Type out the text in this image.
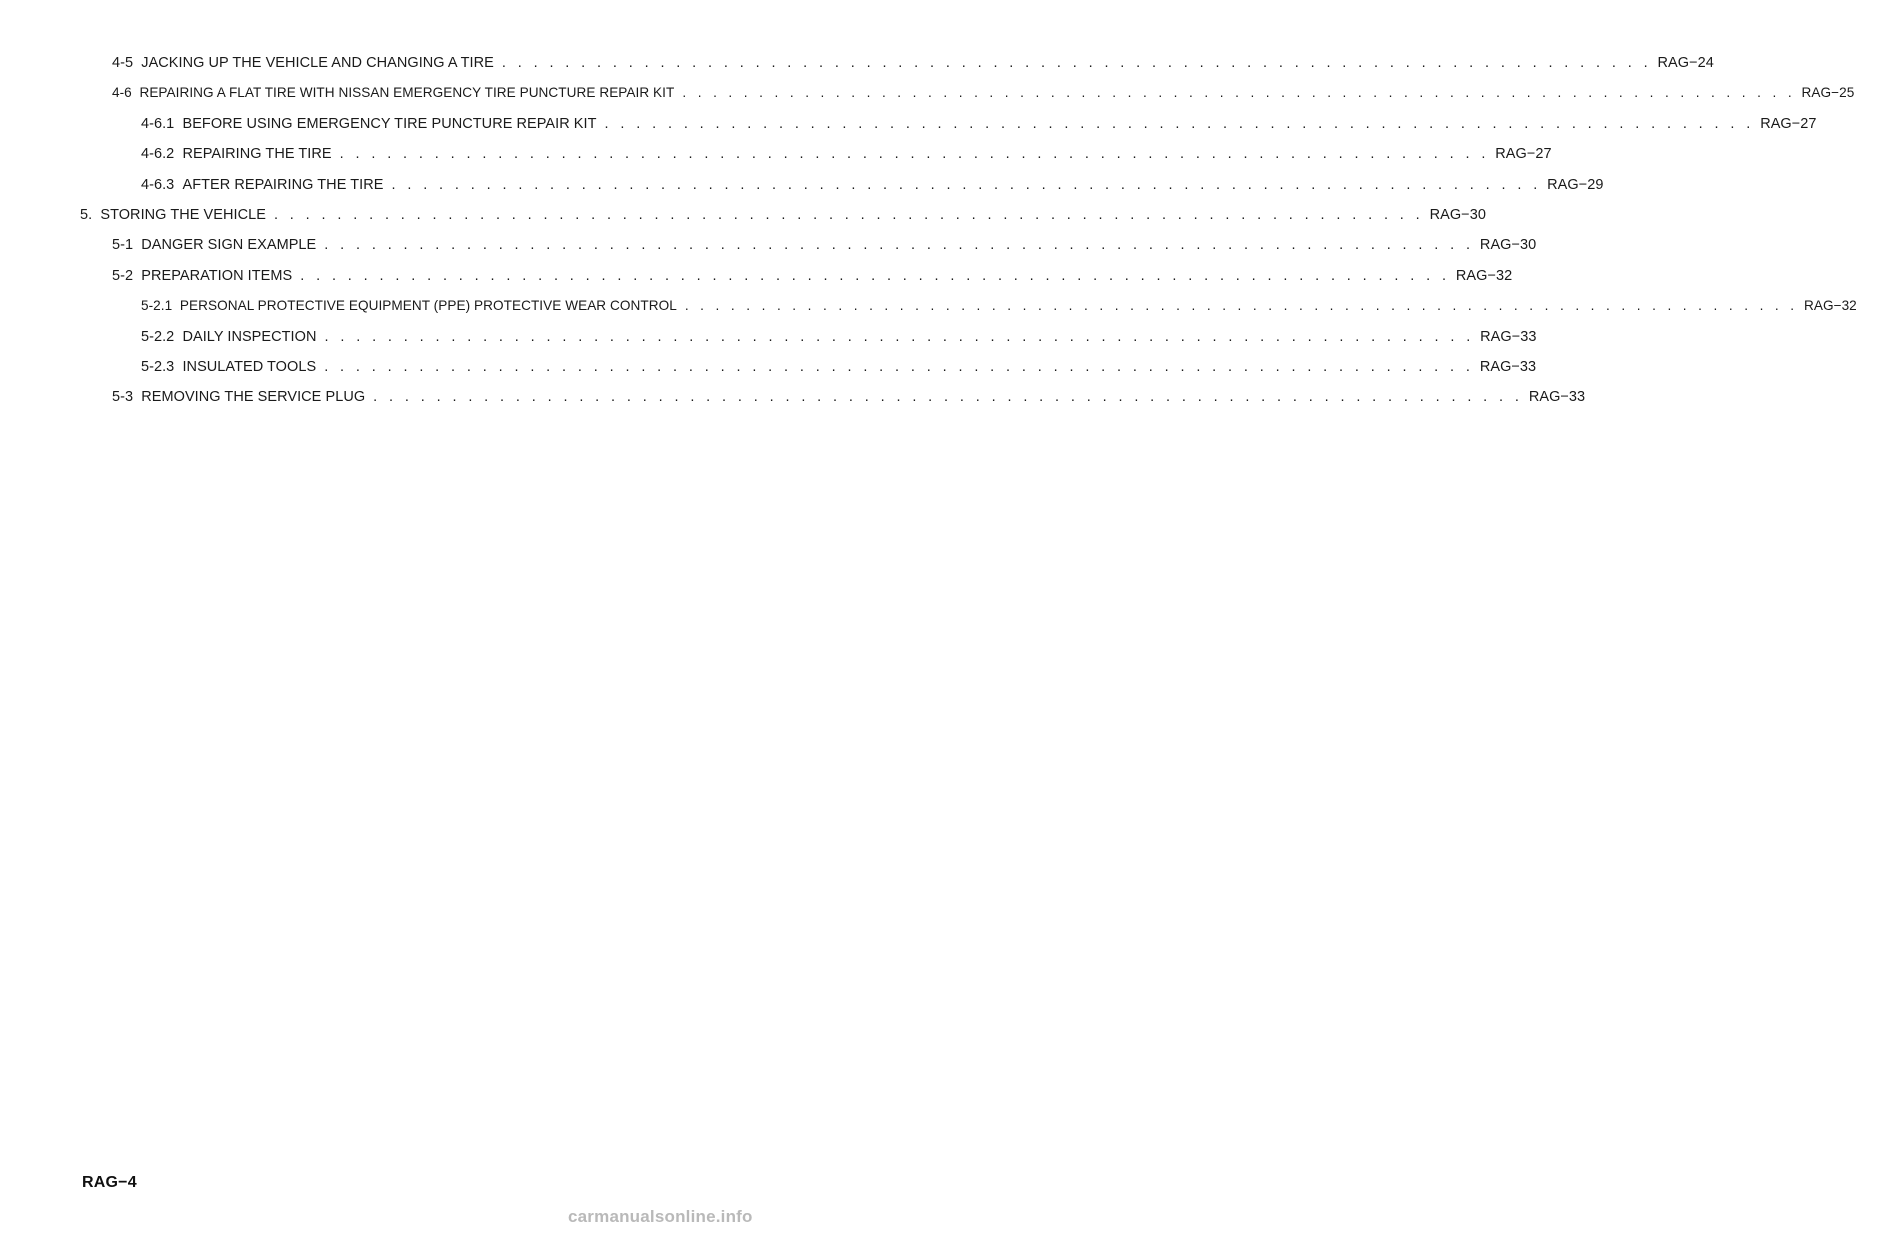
4-5 JACKING UP THE VEHICLE AND CHANGING A TIRE . . . . . . . . . . . . . . . . . . . . . . . . . . . . . . . . . . . . . . . . . . . . . . . . . . . . . . . . . . . . . . . . . . . . . . . . . RAG−24
4-6 REPAIRING A FLAT TIRE WITH NISSAN EMERGENCY TIRE PUNCTURE REPAIR KIT . . . . . . . . . . . . . . . . . . . . . . . . . . . . . . . . . . . . . . . . . . . . . . . . . . . . . . . . . . . . . . . . . . . . . . . . . RAG−25
4-6.1 BEFORE USING EMERGENCY TIRE PUNCTURE REPAIR KIT . . . . . . . . . . . . . . . . . . . . . . . . . . . . . . . . . . . . . . . . . . . . . . . . . . . . . . . . . . . . . . . . . . . . . . . . . RAG−27
4-6.2 REPAIRING THE TIRE . . . . . . . . . . . . . . . . . . . . . . . . . . . . . . . . . . . . . . . . . . . . . . . . . . . . . . . . . . . . . . . . . . . . . . . . . RAG−27
4-6.3 AFTER REPAIRING THE TIRE . . . . . . . . . . . . . . . . . . . . . . . . . . . . . . . . . . . . . . . . . . . . . . . . . . . . . . . . . . . . . . . . . . . . . . . . . RAG−29
5. STORING THE VEHICLE . . . . . . . . . . . . . . . . . . . . . . . . . . . . . . . . . . . . . . . . . . . . . . . . . . . . . . . . . . . . . . . . . . . . . . . . . RAG−30
5-1 DANGER SIGN EXAMPLE . . . . . . . . . . . . . . . . . . . . . . . . . . . . . . . . . . . . . . . . . . . . . . . . . . . . . . . . . . . . . . . . . . . . . . . . . RAG−30
5-2 PREPARATION ITEMS . . . . . . . . . . . . . . . . . . . . . . . . . . . . . . . . . . . . . . . . . . . . . . . . . . . . . . . . . . . . . . . . . . . . . . . . . RAG−32
5-2.1 PERSONAL PROTECTIVE EQUIPMENT (PPE) PROTECTIVE WEAR CONTROL . . . . . . . . . . . . . . . . . . . . . . . . . . . . . . . . . . . . . . . . . . . . . . . . . . . . . . . . . . . . . . . . . . . . . . . . . RAG−32
5-2.2 DAILY INSPECTION . . . . . . . . . . . . . . . . . . . . . . . . . . . . . . . . . . . . . . . . . . . . . . . . . . . . . . . . . . . . . . . . . . . . . . . . . RAG−33
5-2.3 INSULATED TOOLS . . . . . . . . . . . . . . . . . . . . . . . . . . . . . . . . . . . . . . . . . . . . . . . . . . . . . . . . . . . . . . . . . . . . . . . . . RAG−33
5-3 REMOVING THE SERVICE PLUG . . . . . . . . . . . . . . . . . . . . . . . . . . . . . . . . . . . . . . . . . . . . . . . . . . . . . . . . . . . . . . . . . . . . . . . . . RAG−33
RAG−4
carmanualsonline.info
